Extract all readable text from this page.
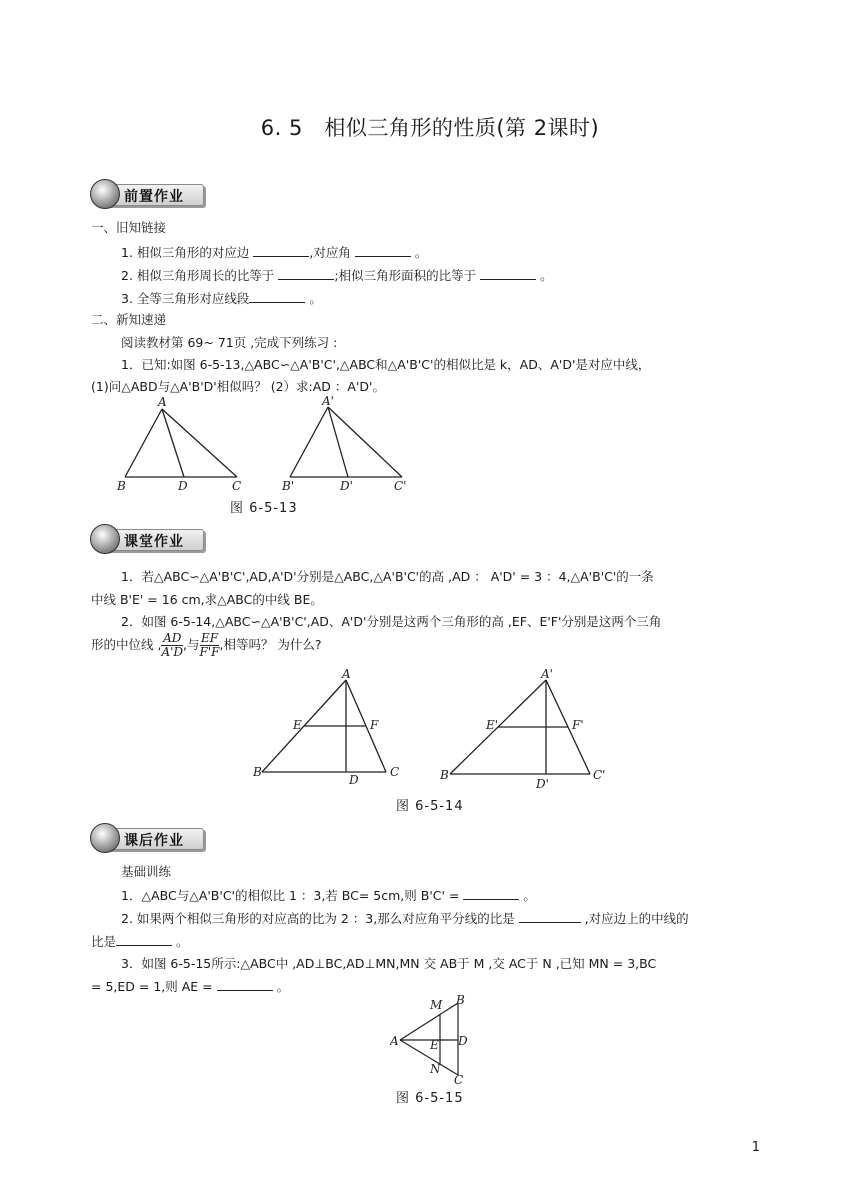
6. 5　相似三角形的性质(第 2课时)
前置作业
一、旧知链接
1. 相似三角形的对应边	,对应角	。
2. 相似三角形周长的比等于	;相似三角形面积的比等于	。
3. 全等三角形对应线段	。
二、新知速递
阅读教材第 69~ 71页 ,完成下列练习 :
1．已知:如图 6-5-13,△ABC∽△A'B'C',△ABC和△A'B'C'的相似比是 k，AD、A'D'是对应中线，
(1)问△ABD与△A'B'D'相似吗？ (2）求:AD ：A'D'。
A
B	D	C
A'
B'	D'	C'
图 6-5-13
课堂作业
1．若△ABC∽△A'B'C',AD,A'D'分别是△ABC,△A'B'C'的高 ,AD ： A'D' = 3 ：4,△A'B'C'的一条
中线 B'E' = 16 cm,求△ABC的中线 BE。
2．如图 6-5-14,△ABC∽△A'B'C',AD、A'D'分别是这两个三角形的高 ,EF、E'F'分别是这两个三角
形的中位线 , $\frac{AD}{A'D}$ ,与 $\frac{EF}{F'F}$ ,相等吗？ 为什么?
A
E	F
B
D
C
A'
E'	F'
B
D'
C'
图 6-5-14
课后作业
基础训练
1．△ABC与△A'B'C'的相似比 1 ：3,若 BC= 5cm,则 B'C' =	。
2. 如果两个相似三角形的对应高的比为 2 ：3,那么对应角平分线的比是	,对应边上的中线的
比是	。
3．如图 6-5-15所示:△ABC中 ,AD⊥BC,AD⊥MN,MN 交 AB于 M ,交 AC于 N ,已知 MN = 3,BC
= 5,ED = 1,则 AE =	。
M B
A	E D
N
C
图 6-5-15
1
